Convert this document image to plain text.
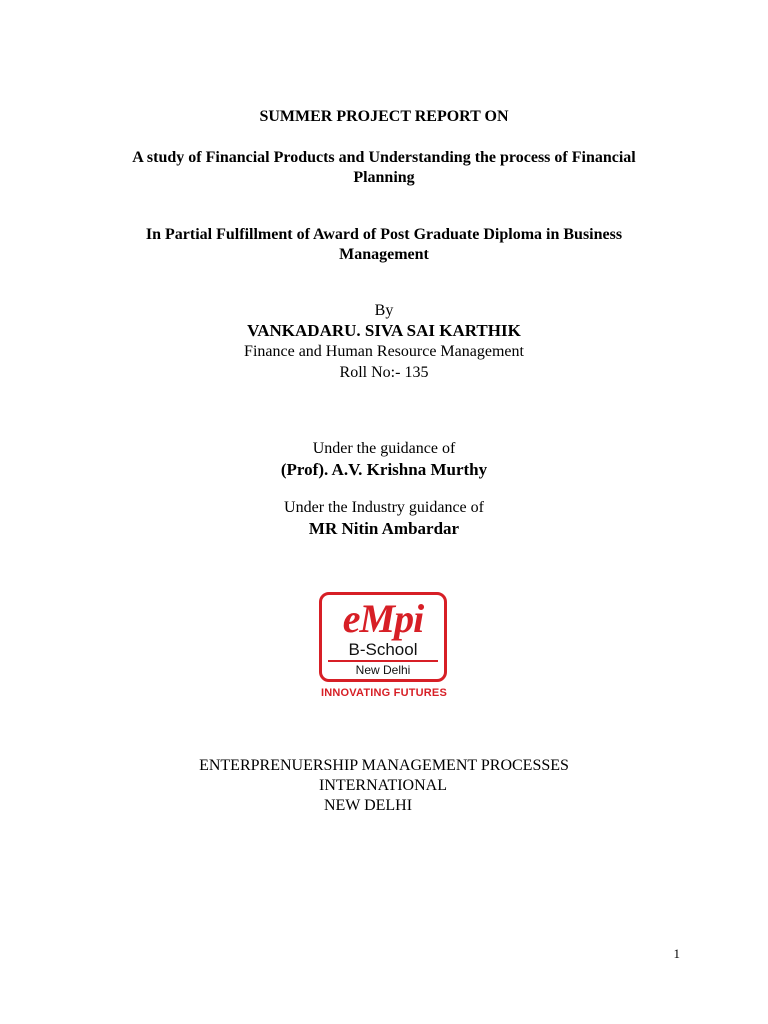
SUMMER PROJECT REPORT ON
A study of Financial Products and Understanding the process of Financial
Planning
In Partial Fulfillment of Award of Post Graduate Diploma in Business
Management
By
VANKADARU. SIVA SAI KARTHIK
Finance and Human Resource Management
Roll No:- 135
Under the guidance of
(Prof). A.V. Krishna Murthy
Under the Industry guidance of
MR Nitin Ambardar
eMpi
B-School
New Delhi
INNOVATING FUTURES
ENTERPRENUERSHIP MANAGEMENT PROCESSES
INTERNATIONAL
NEW DELHI
1
